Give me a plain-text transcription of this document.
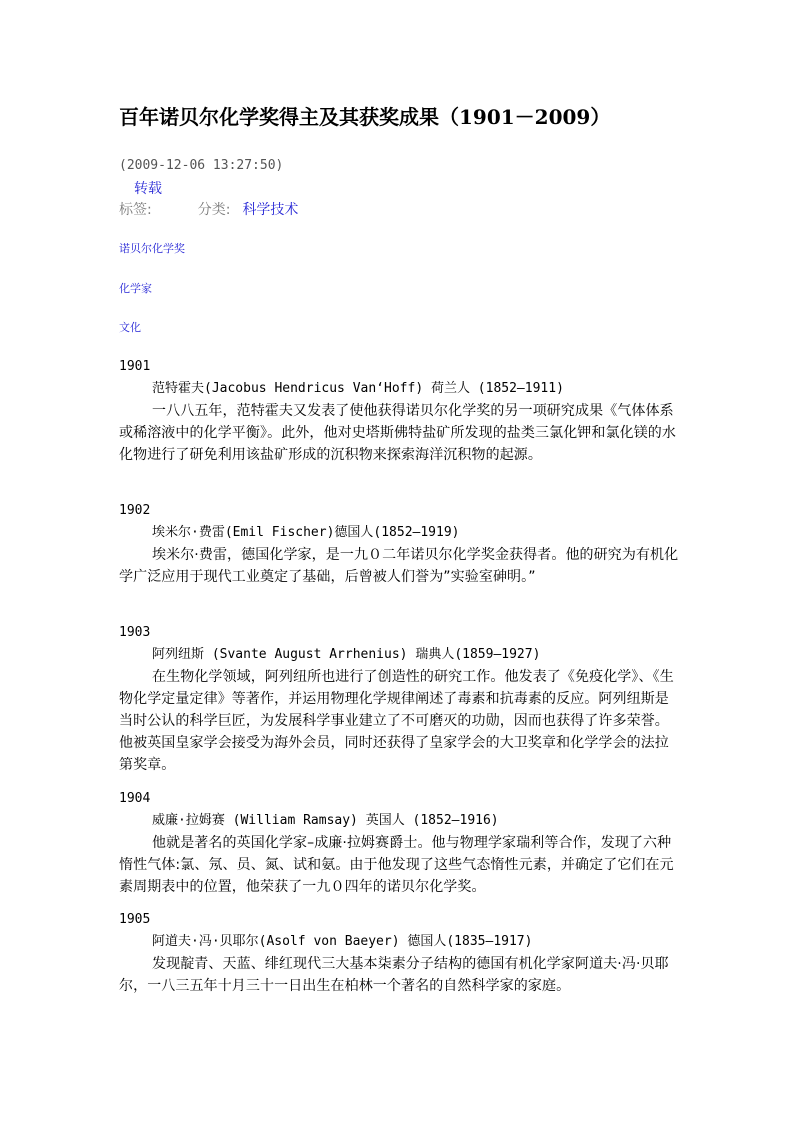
百年诺贝尔化学奖得主及其获奖成果（1901－2009）
(2009-12-06 13:27:50)
转载
标签:	分类: 科学技术
诺贝尔化学奖
化学家
文化
1901
范特霍夫(Jacobus Hendricus Van‘Hoff) 荷兰人 (1852–1911)
一八八五年，范特霍夫又发表了使他获得诺贝尔化学奖的另一项研究成果《气体体系或稀溶液中的化学平衡》。此外，他对史塔斯佛特盐矿所发现的盐类三氯化钾和氯化镁的水化物进行了研免利用该盐矿形成的沉积物来探索海洋沉积物的起源。
1902
埃米尔·费雷(Emil Fischer)德国人(1852–1919)
埃米尔·费雷，德国化学家，是一九０二年诺贝尔化学奖金获得者。他的研究为有机化学广泛应用于现代工业奠定了基础，后曾被人们誉为”实验室砷明。”
1903
阿列纽斯 (Svante August Arrhenius) 瑞典人(1859–1927)
在生物化学领域，阿列纽所也进行了创造性的研究工作。他发表了《免疫化学》、《生物化学定量定律》等著作，并运用物理化学规律阐述了毒素和抗毒素的反应。阿列纽斯是当时公认的科学巨匠，为发展科学事业建立了不可磨灭的功勋，因而也获得了许多荣誉。他被英国皇家学会接受为海外会员，同时还获得了皇家学会的大卫奖章和化学学会的法拉第奖章。
1904
威廉·拉姆赛 (William Ramsay) 英国人 (1852–1916)
他就是著名的英国化学家–成廉·拉姆赛爵士。他与物理学家瑞利等合作，发现了六种惰性气体:氯、氖、员、氮、试和氨。由于他发现了这些气态惰性元素，并确定了它们在元素周期表中的位置，他荣获了一九０四年的诺贝尔化学奖。
1905
阿道夫·冯·贝耶尔(Asolf von Baeyer) 德国人(1835–1917)
发现靛青、天蓝、绯红现代三大基本柒素分子结构的德国有机化学家阿道夫·冯·贝耶尔，一八三五年十月三十一日出生在柏林一个著名的自然科学家的家庭。
